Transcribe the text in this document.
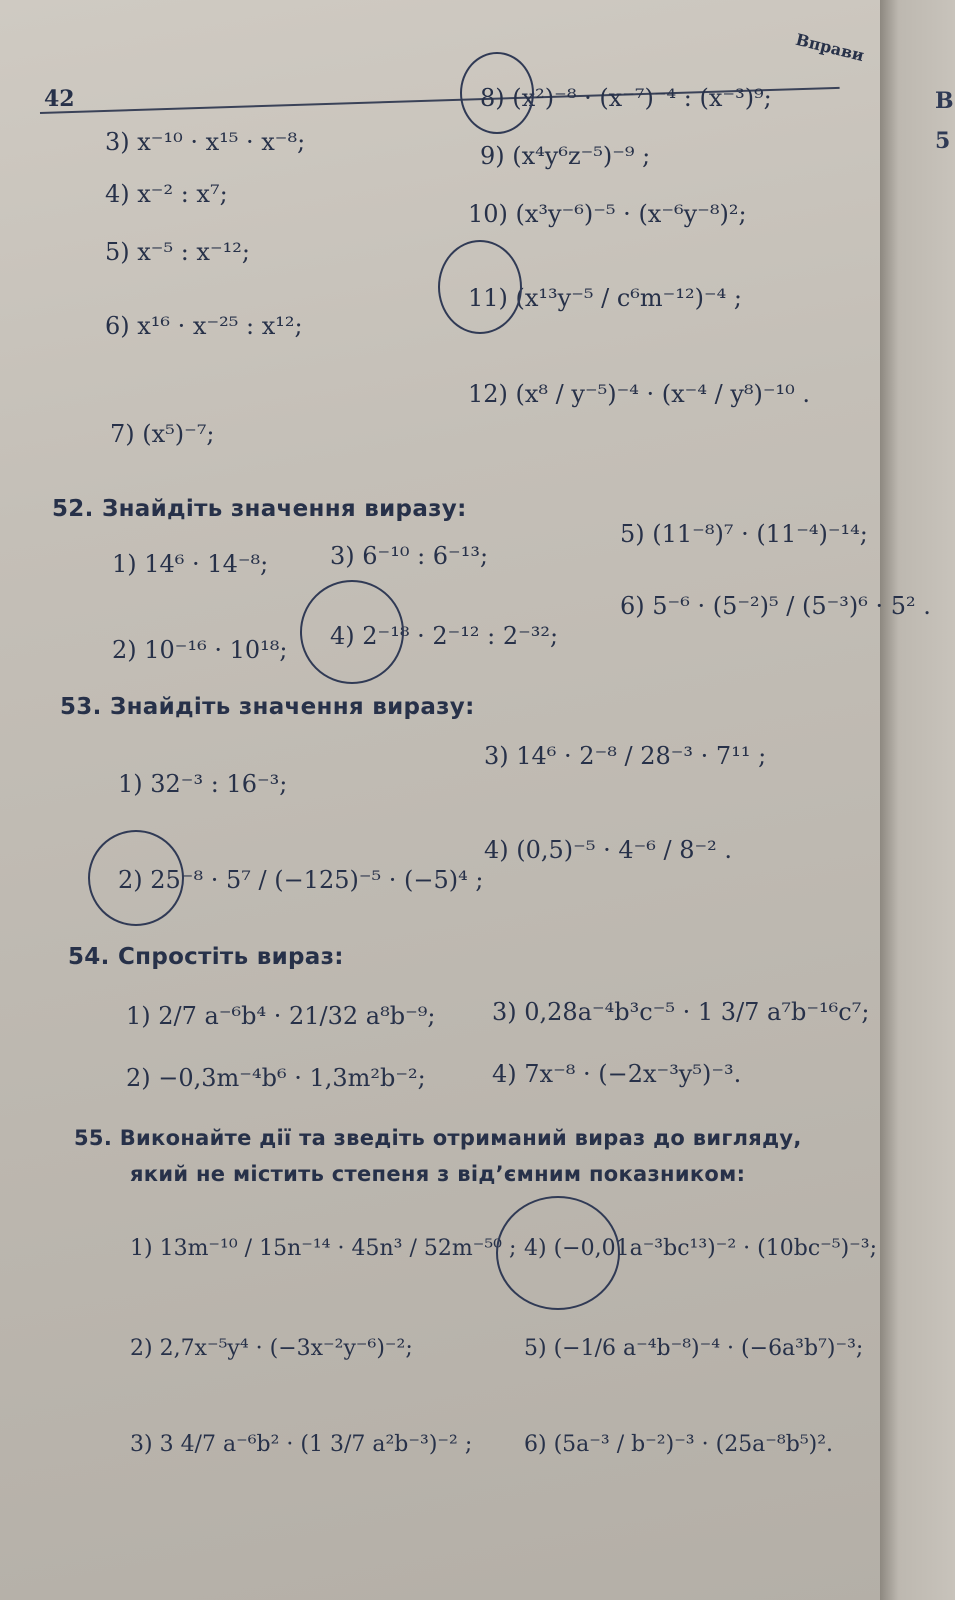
В
5
42
Вправи
3) x⁻¹⁰ · x¹⁵ · x⁻⁸;
4) x⁻² : x⁷;
5) x⁻⁵ : x⁻¹²;
6) x¹⁶ · x⁻²⁵ : x¹²;
7) (x⁵)⁻⁷;
8) (x²)⁻⁸ · (x⁻⁷)⁻⁴ : (x⁻³)⁹;
9) (x⁴y⁶z⁻⁵)⁻⁹ ;
10) (x³y⁻⁶)⁻⁵ · (x⁻⁶y⁻⁸)²;
11) (x¹³y⁻⁵ / c⁶m⁻¹²)⁻⁴ ;
12) (x⁸ / y⁻⁵)⁻⁴ · (x⁻⁴ / y⁸)⁻¹⁰ .
52. Знайдіть значення виразу:
1) 14⁶ · 14⁻⁸;
2) 10⁻¹⁶ · 10¹⁸;
3) 6⁻¹⁰ : 6⁻¹³;
4) 2⁻¹⁸ · 2⁻¹² : 2⁻³²;
5) (11⁻⁸)⁷ · (11⁻⁴)⁻¹⁴;
6) 5⁻⁶ · (5⁻²)⁵ / (5⁻³)⁶ · 5² .
53. Знайдіть значення виразу:
1) 32⁻³ : 16⁻³;
2) 25⁻⁸ · 5⁷ / (−125)⁻⁵ · (−5)⁴ ;
3) 14⁶ · 2⁻⁸ / 28⁻³ · 7¹¹ ;
4) (0,5)⁻⁵ · 4⁻⁶ / 8⁻² .
54. Спростіть вираз:
1) 2/7 a⁻⁶b⁴ · 21/32 a⁸b⁻⁹;
2) −0,3m⁻⁴b⁶ · 1,3m²b⁻²;
3) 0,28a⁻⁴b³c⁻⁵ · 1 3/7 a⁷b⁻¹⁶c⁷;
4) 7x⁻⁸ · (−2x⁻³y⁵)⁻³.
55. Виконайте дії та зведіть отриманий вираз до вигляду,
який не містить степеня з від’ємним показником:
1) 13m⁻¹⁰ / 15n⁻¹⁴ · 45n³ / 52m⁻⁵⁰ ;
2) 2,7x⁻⁵y⁴ · (−3x⁻²y⁻⁶)⁻²;
3) 3 4/7 a⁻⁶b² · (1 3/7 a²b⁻³)⁻² ;
4) (−0,01a⁻³bc¹³)⁻² · (10bc⁻⁵)⁻³;
5) (−1/6 a⁻⁴b⁻⁸)⁻⁴ · (−6a³b⁷)⁻³;
6) (5a⁻³ / b⁻²)⁻³ · (25a⁻⁸b⁵)².
